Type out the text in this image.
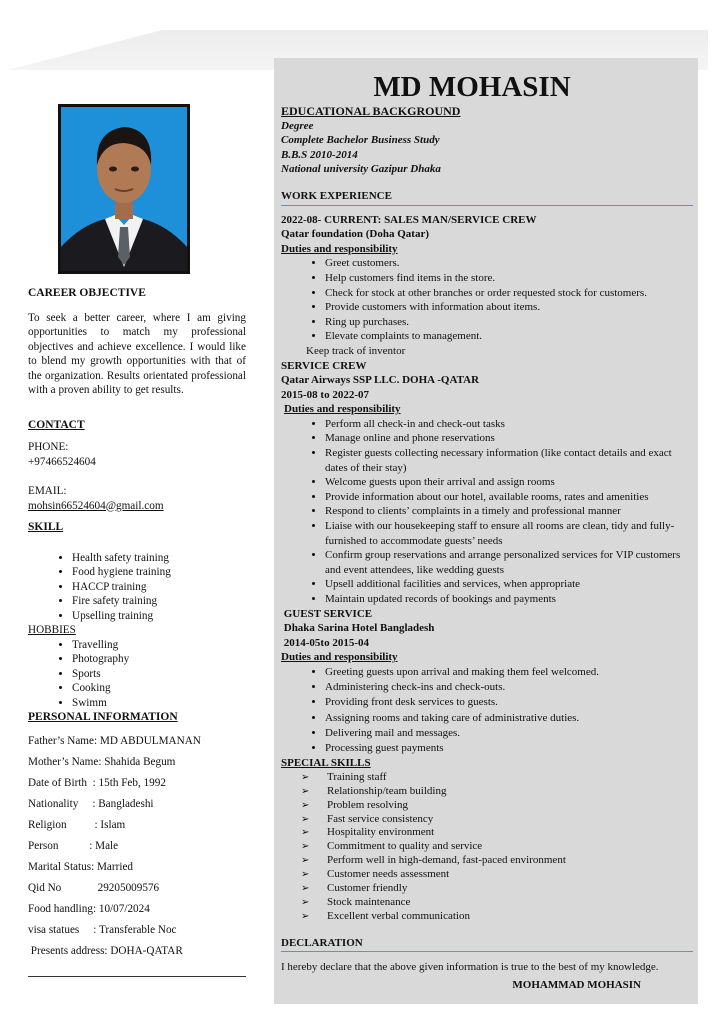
CAREER OBJECTIVE
To seek a better career, where I am giving opportunities to match my professional objectives and achieve excellence. I would like to blend my growth opportunities with that of the organization. Results orientated professional with a proven ability to get results.
CONTACT
PHONE:
+97466524604
EMAIL:
mohsin66524604@gmail.com
SKILL
• Health safety training
• Food hygiene training
• HACCP training
• Fire safety training
• Upselling training
HOBBIES
• Travelling
• Photography
• Sports
• Cooking
• Swimm
PERSONAL INFORMATION
Father’s Name: MD ABDULMANAN
Mother’s Name: Shahida Begum
Date of Birth  : 15th Feb, 1992
Nationality     : Bangladeshi
Religion          : Islam
Person           : Male
Marital Status: Married
Qid No             29205009576
Food handling: 10/07/2024
visa statues     : Transferable Noc
Presents address: DOHA-QATAR
MD MOHASIN
EDUCATIONAL BACKGROUND
Degree
Complete Bachelor Business Study
B.B.S 2010-2014
National university Gazipur Dhaka
WORK EXPERIENCE
2022-08- CURRENT: SALES MAN/SERVICE CREW
Qatar foundation (Doha Qatar)
Duties and responsibility
• Greet customers.
• Help customers find items in the store.
• Check for stock at other branches or order requested stock for customers.
• Provide customers with information about items.
• Ring up purchases.
• Elevate complaints to management.
Keep track of inventor
SERVICE CREW
Qatar Airways SSP LLC. DOHA -QATAR
2015-08 to 2022-07
Duties and responsibility
• Perform all check-in and check-out tasks
• Manage online and phone reservations
• Register guests collecting necessary information (like contact details and exact dates of their stay)
• Welcome guests upon their arrival and assign rooms
• Provide information about our hotel, available rooms, rates and amenities
• Respond to clients’ complaints in a timely and professional manner
• Liaise with our housekeeping staff to ensure all rooms are clean, tidy and fully-furnished to accommodate guests’ needs
• Confirm group reservations and arrange personalized services for VIP customers and event attendees, like wedding guests
• Upsell additional facilities and services, when appropriate
• Maintain updated records of bookings and payments
GUEST SERVICE
Dhaka Sarina Hotel Bangladesh
2014-05to 2015-04
Duties and responsibility
• Greeting guests upon arrival and making them feel welcomed.
• Administering check-ins and check-outs.
• Providing front desk services to guests.
• Assigning rooms and taking care of administrative duties.
• Delivering mail and messages.
• Processing guest payments
SPECIAL SKILLS
➢ Training staff
➢ Relationship/team building
➢ Problem resolving
➢ Fast service consistency
➢ Hospitality environment
➢ Commitment to quality and service
➢ Perform well in high-demand, fast-paced environment
➢ Customer needs assessment
➢ Customer friendly
➢ Stock maintenance
➢ Excellent verbal communication
DECLARATION
I hereby declare that the above given information is true to the best of my knowledge.
MOHAMMAD MOHASIN
